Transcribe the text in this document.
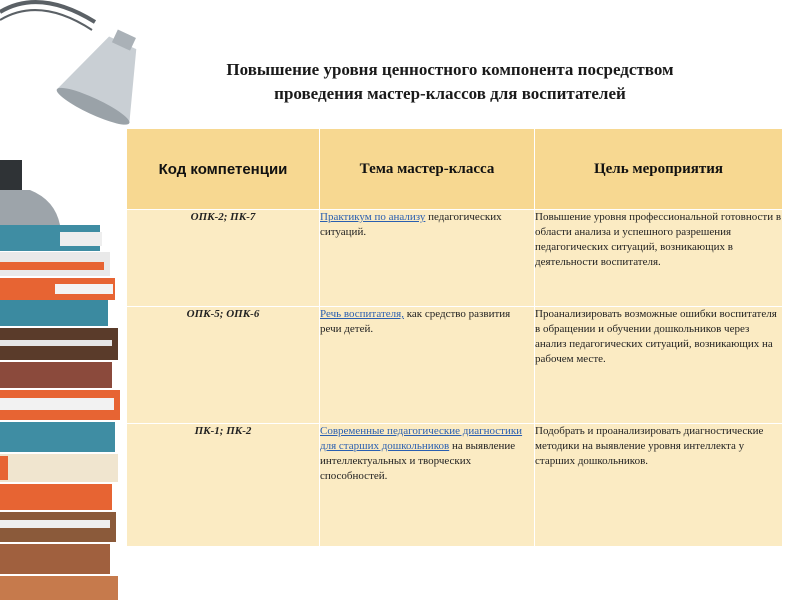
Повышение уровня ценностного компонента посредством
проведения мастер-классов для воспитателей
Код компетенции	Тема мастер-класса	Цель мероприятия
ОПК-2; ПК-7	Практикум по анализу педагогических ситуаций.	Повышение уровня профессиональной готовности в области анализа и успешного разрешения педагогических ситуаций, возникающих в деятельности воспитателя.
ОПК-5; ОПК-6	Речь воспитателя, как средство развития речи детей.	Проанализировать возможные ошибки воспитателя в обращении и обучении дошкольников через анализ педагогических ситуаций, возникающих на рабочем месте.
ПК-1; ПК-2	Современные педагогические диагностики для старших дошкольников на выявление интеллектуальных и творческих способностей.	Подобрать и проанализировать диагностические методики на выявление уровня интеллекта у старших дошкольников.
